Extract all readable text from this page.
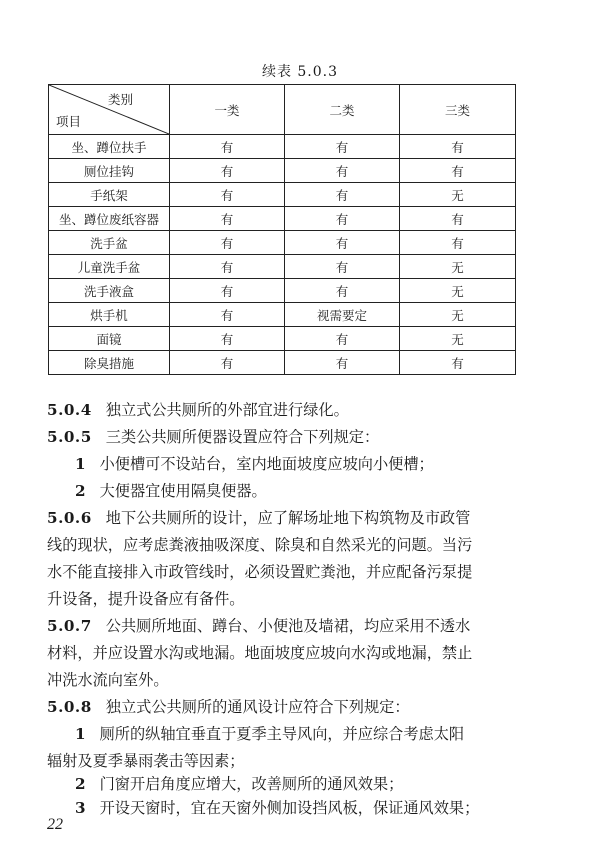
续表 5.0.3
类别
项目	一类	二类	三类
坐、蹲位扶手	有	有	有
厕位挂钩	有	有	有
手纸架	有	有	无
坐、蹲位废纸容器	有	有	有
洗手盆	有	有	有
儿童洗手盆	有	有	无
洗手液盒	有	有	无
烘手机	有	视需要定	无
面镜	有	有	无
除臭措施	有	有	有

5.0.4 独立式公共厕所的外部宜进行绿化。

5.0.5 三类公共厕所便器设置应符合下列规定：

1 小便槽可不设站台，室内地面坡度应坡向小便槽；

2 大便器宜使用隔臭便器。

5.0.6 地下公共厕所的设计，应了解场址地下构筑物及市政管

线的现状，应考虑粪液抽吸深度、除臭和自然采光的问题。当污

水不能直接排入市政管线时，必须设置贮粪池，并应配备污泵提

升设备，提升设备应有备件。

5.0.7 公共厕所地面、蹲台、小便池及墙裙，均应采用不透水

材料，并应设置水沟或地漏。地面坡度应坡向水沟或地漏，禁止

冲洗水流向室外。

5.0.8 独立式公共厕所的通风设计应符合下列规定：

1 厕所的纵轴宜垂直于夏季主导风向，并应综合考虑太阳

辐射及夏季暴雨袭击等因素；

2 门窗开启角度应增大，改善厕所的通风效果；

3 开设天窗时，宜在天窗外侧加设挡风板，保证通风效果；

22
